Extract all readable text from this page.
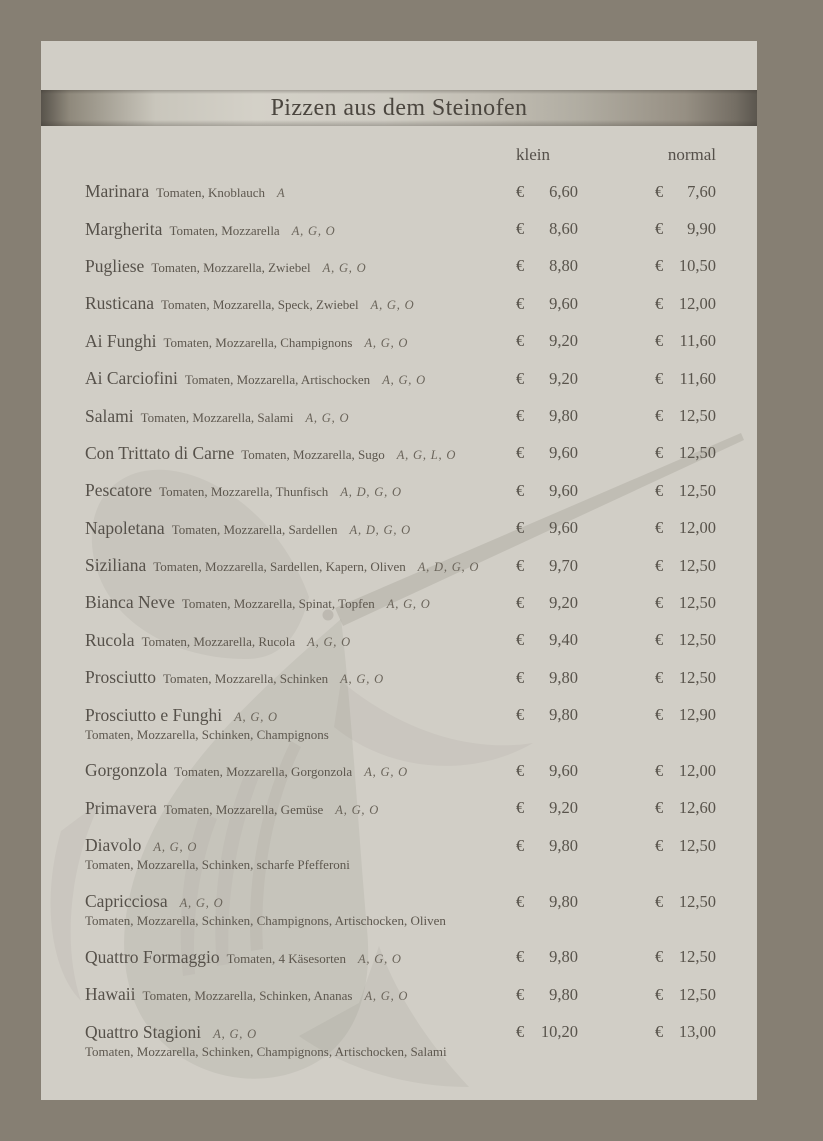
Pizzen aus dem Steinofen
klein	normal
Marinara Tomaten, Knoblauch A	€ 6,60	€ 7,60
Margherita Tomaten, Mozzarella A, G, O	€ 8,60	€ 9,90
Pugliese Tomaten, Mozzarella, Zwiebel A, G, O	€ 8,80	€ 10,50
Rusticana Tomaten, Mozzarella, Speck, Zwiebel A, G, O	€ 9,60	€ 12,00
Ai Funghi Tomaten, Mozzarella, Champignons A, G, O	€ 9,20	€ 11,60
Ai Carciofini Tomaten, Mozzarella, Artischocken A, G, O	€ 9,20	€ 11,60
Salami Tomaten, Mozzarella, Salami A, G, O	€ 9,80	€ 12,50
Con Trittato di Carne Tomaten, Mozzarella, Sugo A, G, L, O	€ 9,60	€ 12,50
Pescatore Tomaten, Mozzarella, Thunfisch A, D, G, O	€ 9,60	€ 12,50
Napoletana Tomaten, Mozzarella, Sardellen A, D, G, O	€ 9,60	€ 12,00
Siziliana Tomaten, Mozzarella, Sardellen, Kapern, Oliven A, D, G, O € 9,70	€ 12,50
Bianca Neve Tomaten, Mozzarella, Spinat, Topfen A, G, O	€ 9,20	€ 12,50
Rucola Tomaten, Mozzarella, Rucola A, G, O	€ 9,40	€ 12,50
Prosciutto Tomaten, Mozzarella, Schinken A, G, O	€ 9,80	€ 12,50
Prosciutto e Funghi A, G, O	€ 9,80	€ 12,90
Tomaten, Mozzarella, Schinken, Champignons
Gorgonzola Tomaten, Mozzarella, Gorgonzola A, G, O	€ 9,60	€ 12,00
Primavera Tomaten, Mozzarella, Gemüse A, G, O	€ 9,20	€ 12,60
Diavolo A, G, O	€ 9,80	€ 12,50
Tomaten, Mozzarella, Schinken, scharfe Pfefferoni
Capricciosa A, G, O	€ 9,80	€ 12,50
Tomaten, Mozzarella, Schinken, Champignons, Artischocken, Oliven
Quattro Formaggio Tomaten, 4 Käsesorten A, G, O	€ 9,80	€ 12,50
Hawaii Tomaten, Mozzarella, Schinken, Ananas A, G, O	€ 9,80	€ 12,50
Quattro Stagioni A, G, O	€ 10,20	€ 13,00
Tomaten, Mozzarella, Schinken, Champignons, Artischocken, Salami
